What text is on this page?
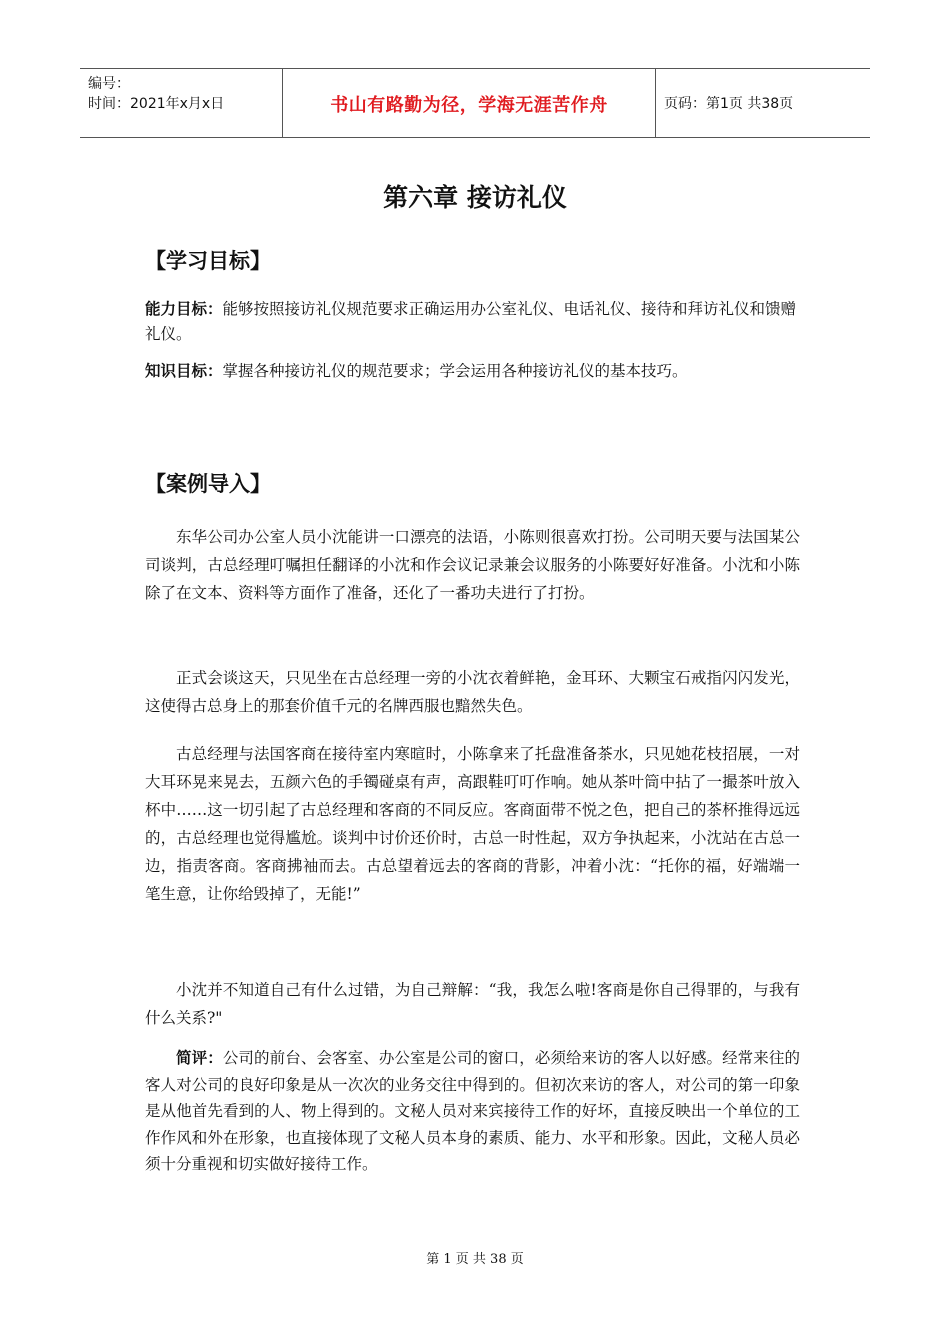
编号：
时间：2021年x月x日	书山有路勤为径，学海无涯苦作舟	页码：第1页 共38页
第六章 接访礼仪
【学习目标】
能力目标：能够按照接访礼仪规范要求正确运用办公室礼仪、电话礼仪、接待和拜访礼仪和馈赠礼仪。
知识目标：掌握各种接访礼仪的规范要求；学会运用各种接访礼仪的基本技巧。
【案例导入】
东华公司办公室人员小沈能讲一口漂亮的法语，小陈则很喜欢打扮。公司明天要与法国某公司谈判，古总经理叮嘱担任翻译的小沈和作会议记录兼会议服务的小陈要好好准备。小沈和小陈除了在文本、资料等方面作了准备，还化了一番功夫进行了打扮。
正式会谈这天，只见坐在古总经理一旁的小沈衣着鲜艳，金耳环、大颗宝石戒指闪闪发光，这使得古总身上的那套价值千元的名牌西服也黯然失色。
古总经理与法国客商在接待室内寒暄时，小陈拿来了托盘准备茶水，只见她花枝招展，一对大耳环晃来晃去，五颜六色的手镯碰桌有声，高跟鞋叮叮作响。她从茶叶筒中拈了一撮茶叶放入杯中……这一切引起了古总经理和客商的不同反应。客商面带不悦之色，把自己的茶杯推得远远的，古总经理也觉得尴尬。谈判中讨价还价时，古总一时性起，双方争执起来，小沈站在古总一边，指责客商。客商拂袖而去。古总望着远去的客商的背影，冲着小沈：“托你的福，好端端一笔生意，让你给毁掉了，无能!”
小沈并不知道自己有什么过错，为自己辩解：“我，我怎么啦!客商是你自己得罪的，与我有什么关系?"
简评：公司的前台、会客室、办公室是公司的窗口，必须给来访的客人以好感。经常来往的客人对公司的良好印象是从一次次的业务交往中得到的。但初次来访的客人，对公司的第一印象是从他首先看到的人、物上得到的。文秘人员对来宾接待工作的好坏，直接反映出一个单位的工作作风和外在形象，也直接体现了文秘人员本身的素质、能力、水平和形象。因此，文秘人员必须十分重视和切实做好接待工作。
第 1 页 共 38 页
